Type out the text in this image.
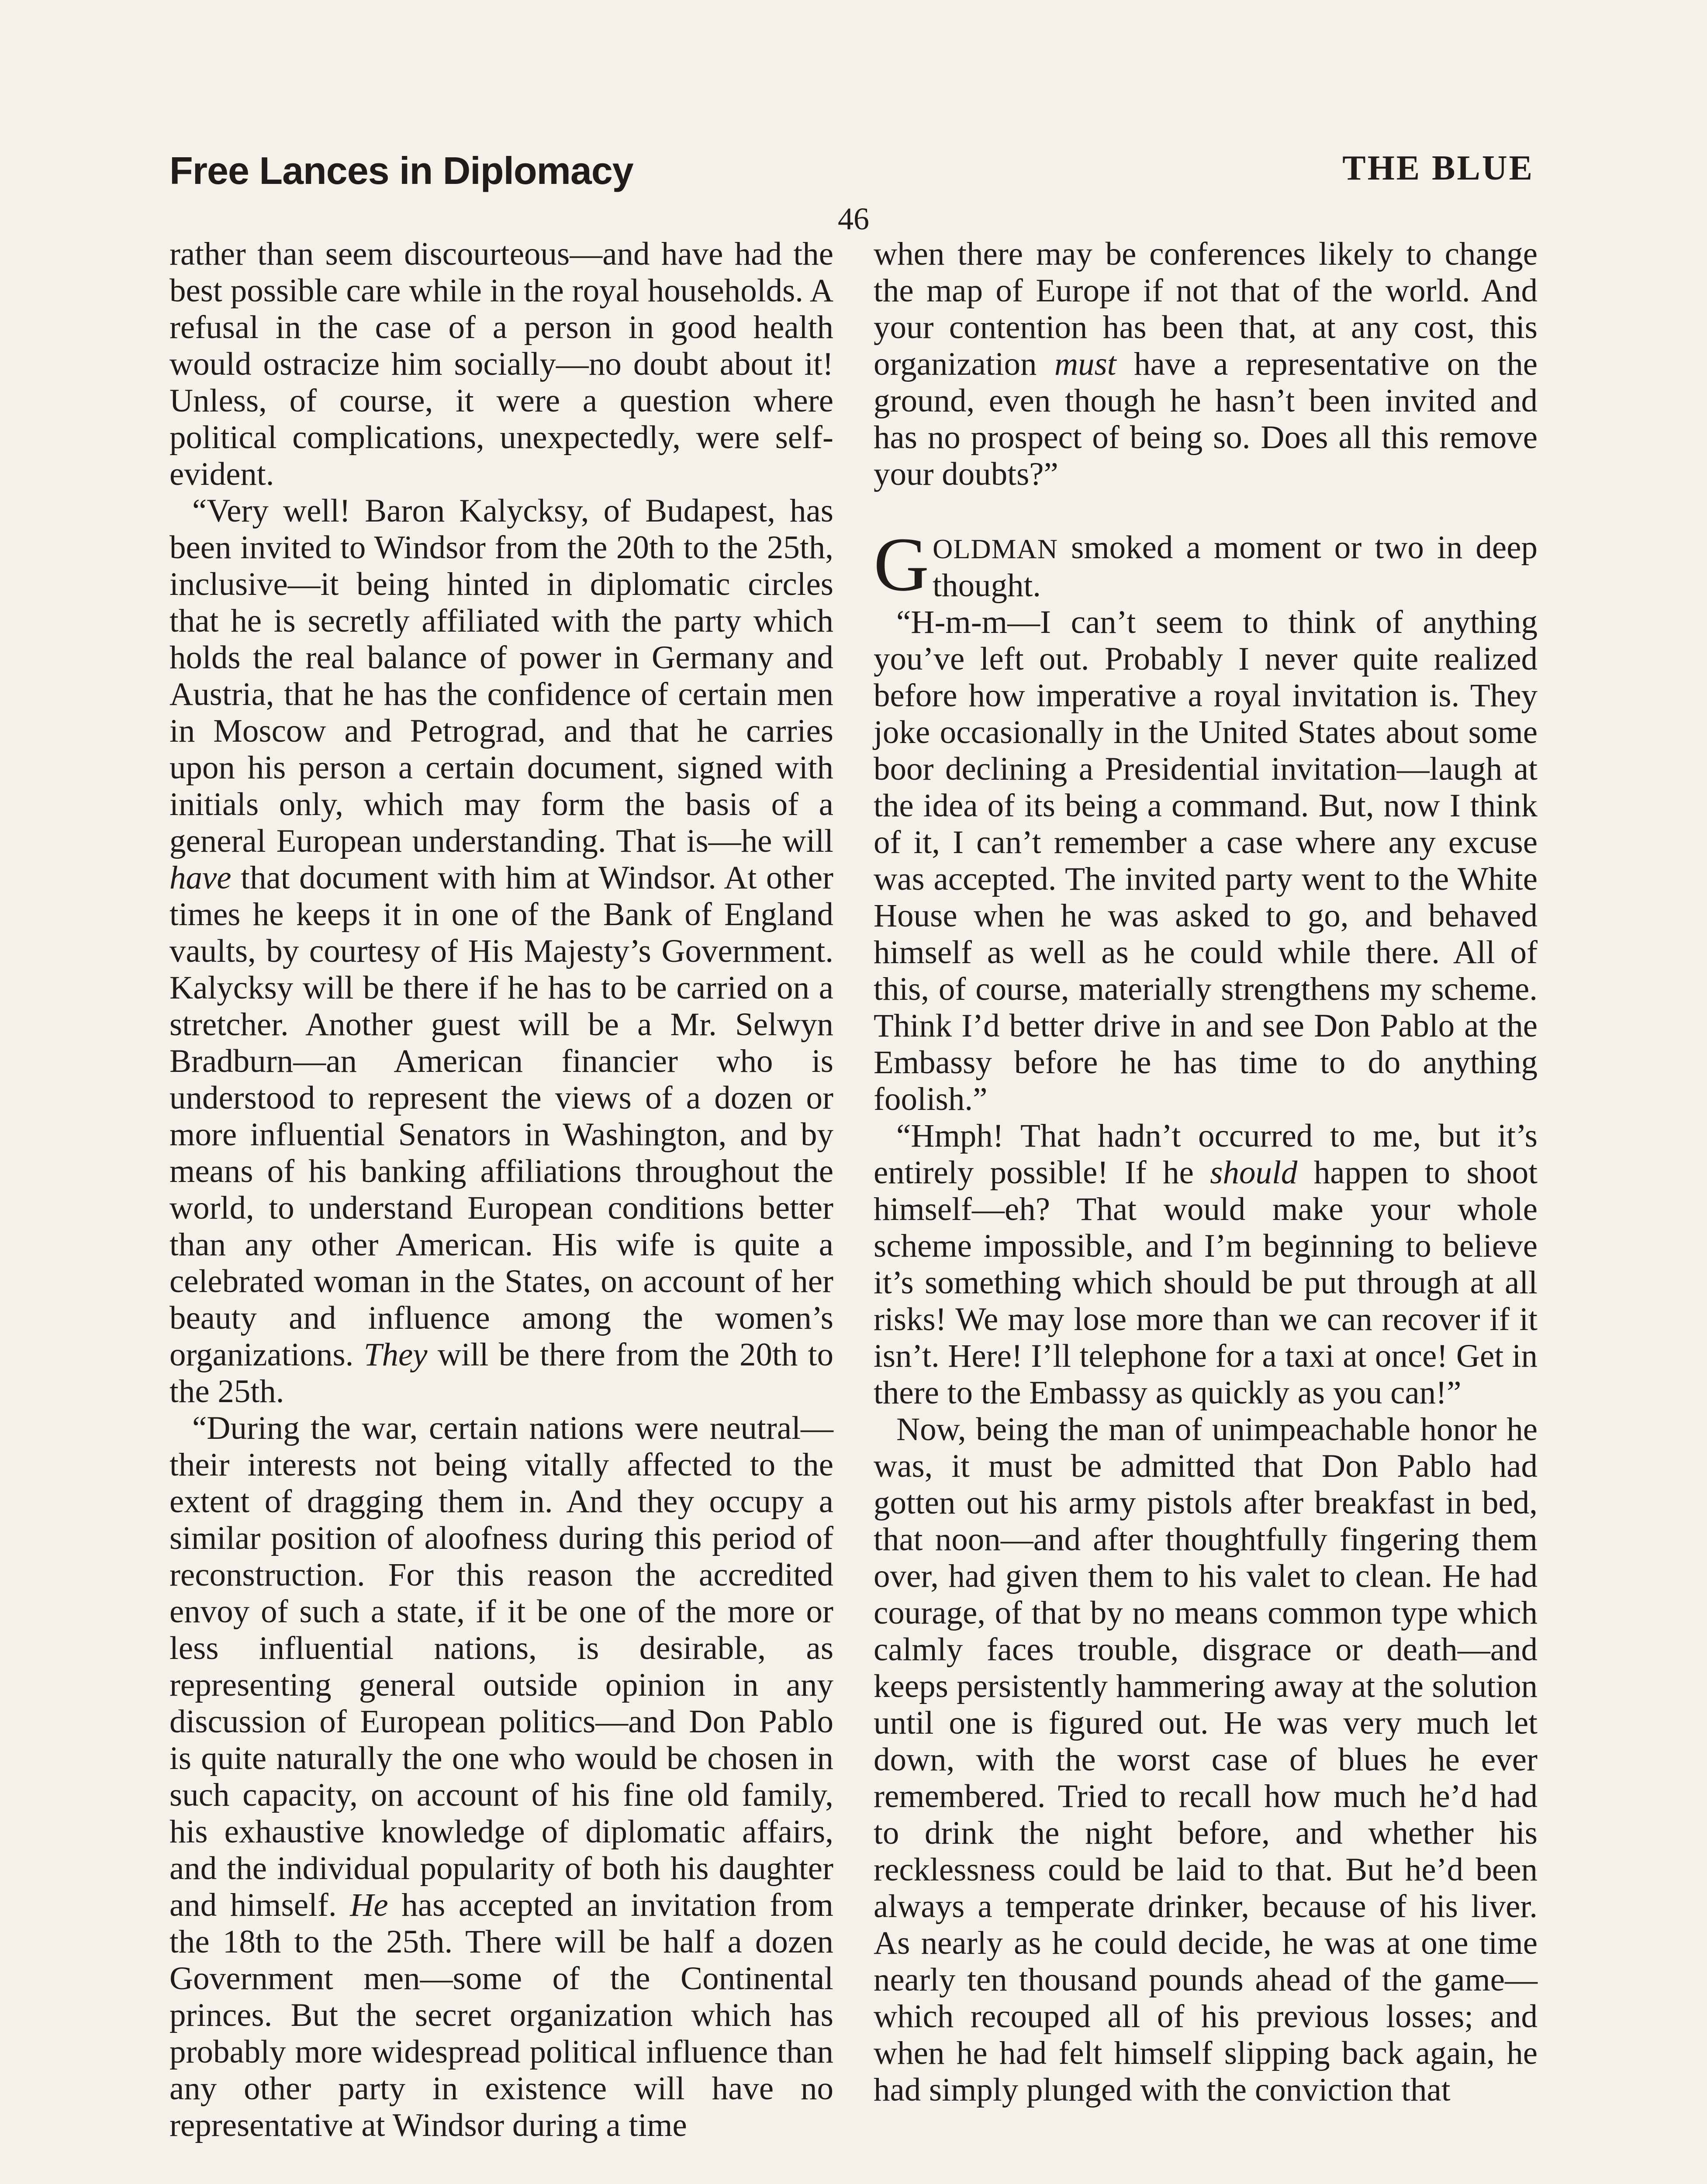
Free Lances in Diplomacy	THE BLUE
46

rather than seem discourteous—and have had the best possible care while in the royal households. A refusal in the case of a person in good health would ostracize him socially—no doubt about it! Unless, of course, it were a question where political complications, unexpectedly, were self-evident.

“Very well! Baron Kalycksy, of Budapest, has been invited to Windsor from the 20th to the 25th, inclusive—it being hinted in diplomatic circles that he is secretly affiliated with the party which holds the real balance of power in Germany and Austria, that he has the confidence of certain men in Moscow and Petrograd, and that he carries upon his person a certain document, signed with initials only, which may form the basis of a general European understanding. That is—he will have that document with him at Windsor. At other times he keeps it in one of the Bank of England vaults, by courtesy of His Majesty’s Government. Kalycksy will be there if he has to be carried on a stretcher. Another guest will be a Mr. Selwyn Bradburn—an American financier who is understood to represent the views of a dozen or more influential Senators in Washington, and by means of his banking affiliations throughout the world, to understand European conditions better than any other American. His wife is quite a celebrated woman in the States, on account of her beauty and influence among the women’s organizations. They will be there from the 20th to the 25th.

“During the war, certain nations were neutral—their interests not being vitally affected to the extent of dragging them in. And they occupy a similar position of aloofness during this period of reconstruction. For this reason the accredited envoy of such a state, if it be one of the more or less influential nations, is desirable, as representing general outside opinion in any discussion of European politics—and Don Pablo is quite naturally the one who would be chosen in such capacity, on account of his fine old family, his exhaustive knowledge of diplomatic affairs, and the individual popularity of both his daughter and himself. He has accepted an invitation from the 18th to the 25th. There will be half a dozen Government men—some of the Continental princes. But the secret organization which has probably more widespread political influence than any other party in existence will have no representative at Windsor during a time

when there may be conferences likely to change the map of Europe if not that of the world. And your contention has been that, at any cost, this organization must have a representative on the ground, even though he hasn’t been invited and has no prospect of being so. Does all this remove your doubts?”

GOLDMAN smoked a moment or two in deep thought.

“H-m-m—I can’t seem to think of anything you’ve left out. Probably I never quite realized before how imperative a royal invitation is. They joke occasionally in the United States about some boor declining a Presidential invitation—laugh at the idea of its being a command. But, now I think of it, I can’t remember a case where any excuse was accepted. The invited party went to the White House when he was asked to go, and behaved himself as well as he could while there. All of this, of course, materially strengthens my scheme. Think I’d better drive in and see Don Pablo at the Embassy before he has time to do anything foolish.”

“Hmph! That hadn’t occurred to me, but it’s entirely possible! If he should happen to shoot himself—eh? That would make your whole scheme impossible, and I’m beginning to believe it’s something which should be put through at all risks! We may lose more than we can recover if it isn’t. Here! I’ll telephone for a taxi at once! Get in there to the Embassy as quickly as you can!”

Now, being the man of unimpeachable honor he was, it must be admitted that Don Pablo had gotten out his army pistols after breakfast in bed, that noon—and after thoughtfully fingering them over, had given them to his valet to clean. He had courage, of that by no means common type which calmly faces trouble, disgrace or death—and keeps persistently hammering away at the solution until one is figured out. He was very much let down, with the worst case of blues he ever remembered. Tried to recall how much he’d had to drink the night before, and whether his recklessness could be laid to that. But he’d been always a temperate drinker, because of his liver. As nearly as he could decide, he was at one time nearly ten thousand pounds ahead of the game—which recouped all of his previous losses; and when he had felt himself slipping back again, he had simply plunged with the conviction that
